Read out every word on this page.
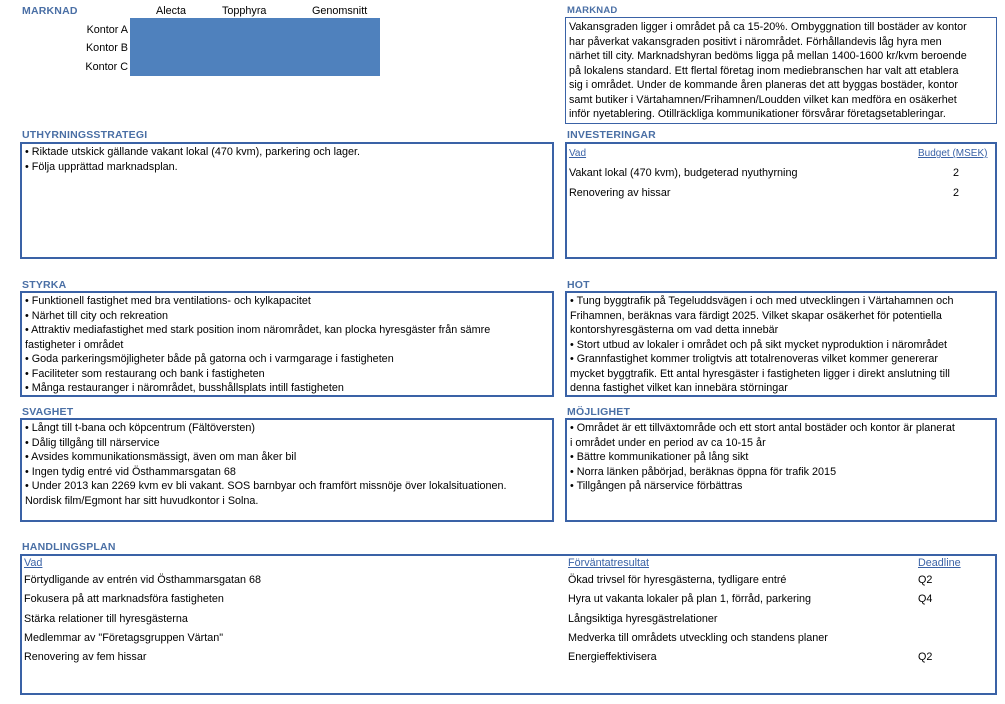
MARKNAD	Alecta	Topphyra	Genomsnitt
Kontor A
Kontor B
Kontor C
MARKNAD
Vakansgraden ligger i området på ca 15-20%. Ombyggnation till bostäder av kontor
har påverkat vakansgraden positivt i närområdet. Förhållandevis låg hyra men
närhet till city. Marknadshyran bedöms ligga på mellan 1400-1600 kr/kvm beroende
på lokalens standard. Ett flertal företag inom mediebranschen har valt att etablera
sig i området. Under de kommande åren planeras det att byggas bostäder, kontor
samt butiker i Värtahamnen/Frihamnen/Loudden vilket kan medföra en osäkerhet
inför nyetablering. Otillräckliga kommunikationer försvårar företagsetableringar.
UTHYRNINGSSTRATEGI
• Riktade utskick gällande vakant lokal (470 kvm), parkering och lager.
• Följa upprättad marknadsplan.
INVESTERINGAR
Vad	Budget (MSEK)
Vakant lokal (470 kvm), budgeterad nyuthyrning	2
Renovering av hissar	2
STYRKA
• Funktionell fastighet med bra ventilations- och kylkapacitet
• Närhet till city och rekreation
• Attraktiv mediafastighet med stark position inom närområdet, kan plocka hyresgäster från sämre
fastigheter i området
• Goda parkeringsmöjligheter både på gatorna och i varmgarage i fastigheten
• Faciliteter som restaurang och bank i fastigheten
• Många restauranger i närområdet, busshållsplats intill fastigheten
HOT
• Tung byggtrafik på Tegeluddsvägen i och med utvecklingen i Värtahamnen och
Frihamnen, beräknas vara färdigt 2025. Vilket skapar osäkerhet för potentiella
kontorshyresgästerna om vad detta innebär
• Stort utbud av lokaler i området och på sikt mycket nyproduktion i närområdet
• Grannfastighet kommer troligtvis att totalrenoveras vilket kommer genererar
mycket byggtrafik. Ett antal hyresgäster i fastigheten ligger i direkt anslutning till
denna fastighet vilket kan innebära störningar
SVAGHET
• Långt till t-bana och köpcentrum (Fältöversten)
• Dålig tillgång till närservice
• Avsides kommunikationsmässigt, även om man åker bil
• Ingen tydig entré vid Östhammarsgatan 68
• Under 2013 kan 2269 kvm ev bli vakant. SOS barnbyar och framfört missnöje över lokalsituationen.
Nordisk film/Egmont har sitt huvudkontor i Solna.
MÖJLIGHET
• Området är ett tillväxtområde och ett stort antal bostäder och kontor är planerat
i området under en period av ca 10-15 år
• Bättre kommunikationer på lång sikt
• Norra länken påbörjad, beräknas öppna för trafik 2015
• Tillgången på närservice förbättras
HANDLINGSPLAN
Vad	Förväntatresultat	Deadline
Förtydligande av entrén vid Östhammarsgatan 68	Ökad trivsel för hyresgästerna, tydligare entré	Q2
Fokusera på att marknadsföra fastigheten	Hyra ut vakanta lokaler på plan 1, förråd, parkering	Q4
Stärka relationer till hyresgästerna	Långsiktiga hyresgästrelationer
Medlemmar av "Företagsgruppen Värtan"	Medverka till områdets utveckling och standens planer
Renovering av fem hissar	Energieffektivisera	Q2
